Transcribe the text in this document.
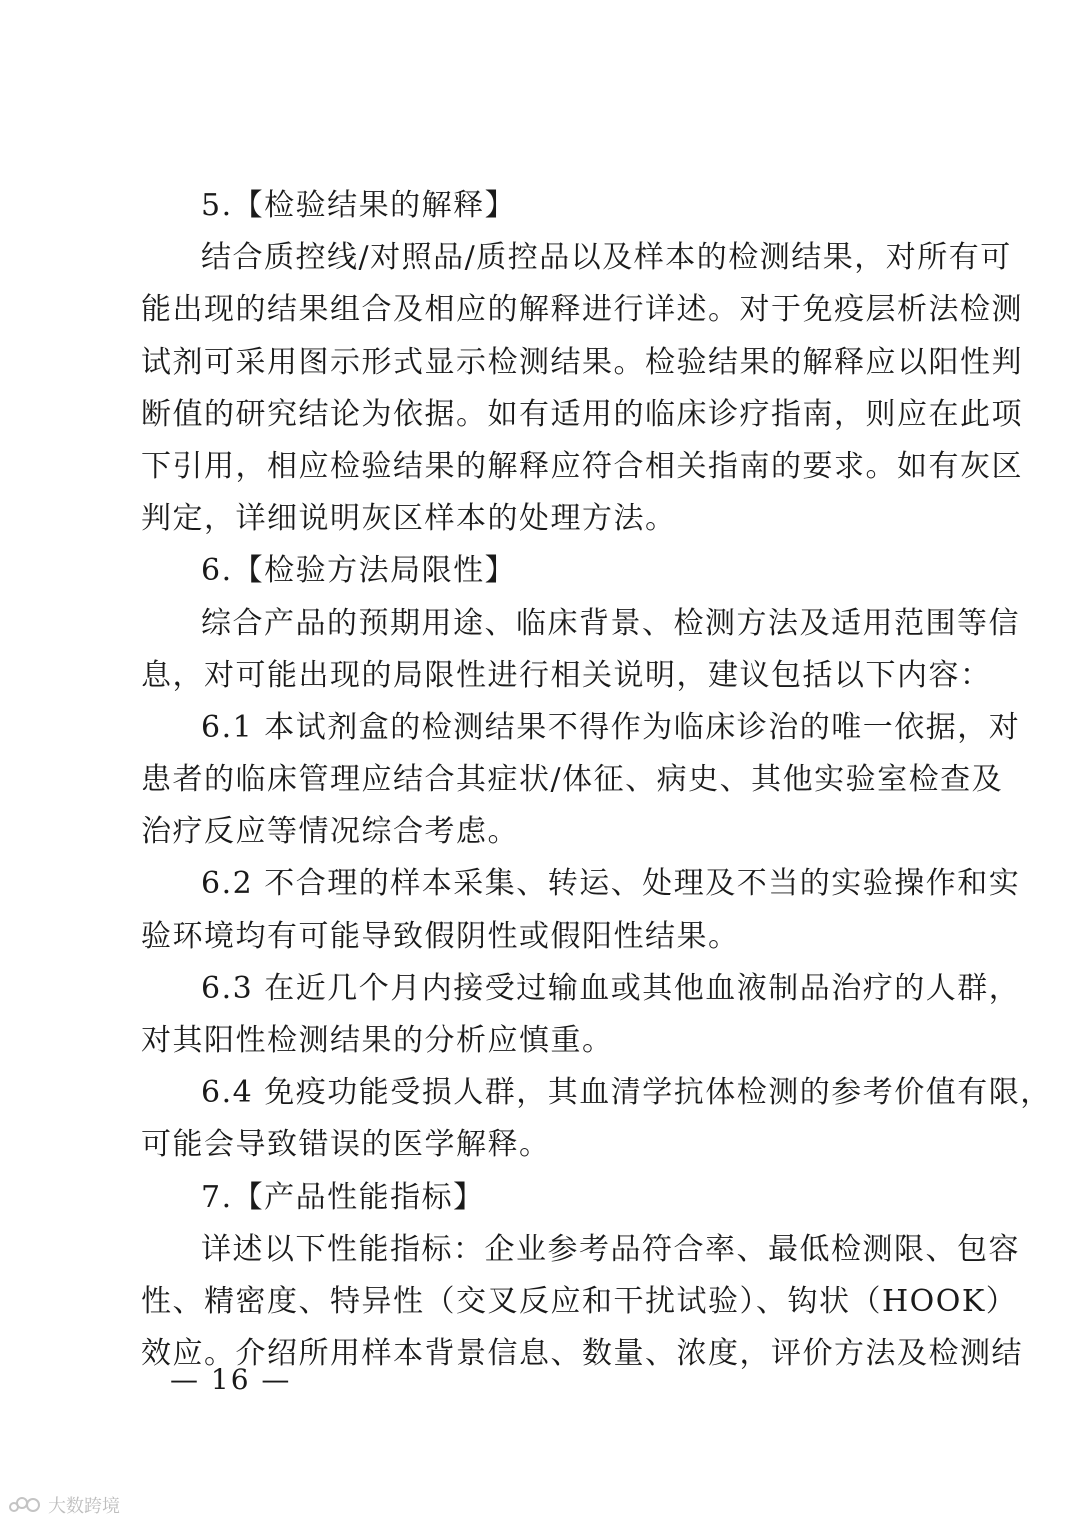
5.【检验结果的解释】
结合质控线/对照品/质控品以及样本的检测结果，对所有可
能出现的结果组合及相应的解释进行详述。对于免疫层析法检测
试剂可采用图示形式显示检测结果。检验结果的解释应以阳性判
断值的研究结论为依据。如有适用的临床诊疗指南，则应在此项
下引用，相应检验结果的解释应符合相关指南的要求。如有灰区
判定，详细说明灰区样本的处理方法。
6.【检验方法局限性】
综合产品的预期用途、临床背景、检测方法及适用范围等信
息，对可能出现的局限性进行相关说明，建议包括以下内容：
6.1 本试剂盒的检测结果不得作为临床诊治的唯一依据，对
患者的临床管理应结合其症状/体征、病史、其他实验室检查及
治疗反应等情况综合考虑。
6.2 不合理的样本采集、转运、处理及不当的实验操作和实
验环境均有可能导致假阴性或假阳性结果。
6.3 在近几个月内接受过输血或其他血液制品治疗的人群，
对其阳性检测结果的分析应慎重。
6.4 免疫功能受损人群，其血清学抗体检测的参考价值有限，
可能会导致错误的医学解释。
7.【产品性能指标】
详述以下性能指标：企业参考品符合率、最低检测限、包容
性、精密度、特异性（交叉反应和干扰试验）、钩状（HOOK）
效应。介绍所用样本背景信息、数量、浓度，评价方法及检测结
— 16 —
大数跨境
